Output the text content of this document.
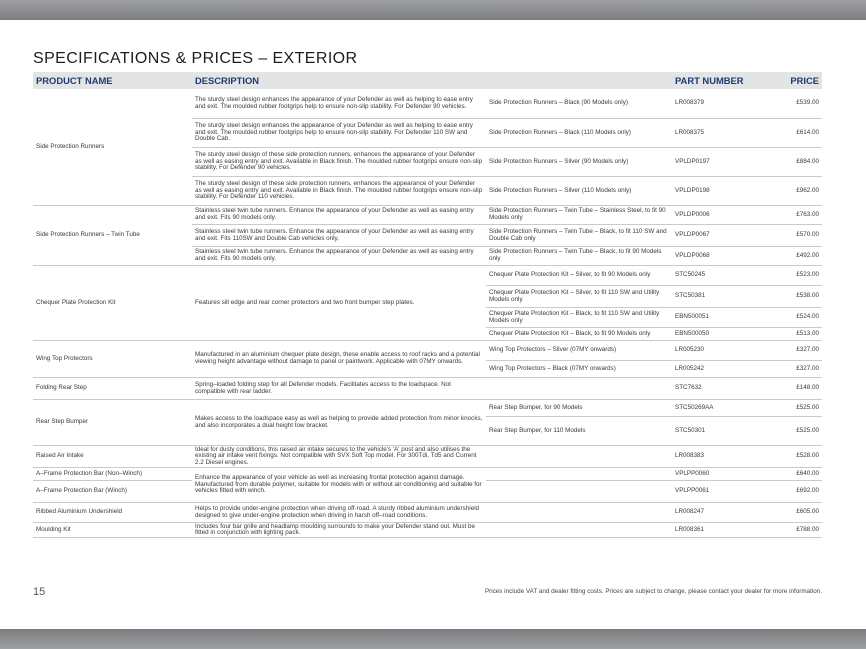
SPECIFICATIONS & PRICES – EXTERIOR
PRODUCT NAME	DESCRIPTION		PART NUMBER	PRICE
Side Protection Runners	The sturdy steel design enhances the appearance of your Defender as well as helping to ease entry and exit. The moulded rubber footgrips help to ensure non-slip stability. For Defender 90 vehicles.	Side Protection Runners – Black (90 Models only)	LR008379	£539.00
	The sturdy steel design enhances the appearance of your Defender as well as helping to ease entry and exit. The moulded rubber footgrips help to ensure non-slip stability. For Defender 110 SW and Double Cab.	Side Protection Runners – Black (110 Models only)	LR008375	£614.00
	The sturdy steel design of these side protection runners, enhances the appearance of your Defender as well as easing entry and exit. Available in Black finish. The moulded rubber footgrips ensure non-slip stability. For Defender 90 vehicles.	Side Protection Runners – Silver (90 Models only)	VPLDP0197	£884.00
	The sturdy steel design of these side protection runners, enhances the appearance of your Defender as well as easing entry and exit. Available in Black finish. The moulded rubber footgrips ensure non-slip stability. For Defender 110 vehicles.	Side Protection Runners – Silver (110 Models only)	VPLDP0198	£962.00
Side Protection Runners – Twin Tube	Stainless steel twin tube runners. Enhance the appearance of your Defender as well as easing entry and exit. Fits 90 models only.	Side Protection Runners – Twin Tube – Stainless Steel, to fit 90 Models only	VPLDP0006	£763.00
	Stainless steel twin tube runners. Enhance the appearance of your Defender as well as easing entry and exit. Fits 110SW and Double Cab vehicles only.	Side Protection Runners – Twin Tube – Black, to fit 110 SW and Double Cab only	VPLDP0067	£570.00
	Stainless steel twin tube runners. Enhance the appearance of your Defender as well as easing entry and exit. Fits 90 models only.	Side Protection Runners – Twin Tube – Black, to fit 90 Models only	VPLDP0068	£492.00
Chequer Plate Protection Kit	Features sill edge and rear corner protectors and two front bumper step plates.	Chequer Plate Protection Kit – Silver, to fit 90 Models only	STC50245	£523.00
		Chequer Plate Protection Kit – Silver, to fit 110 SW and Utility Models only	STC50381	£538.00
		Chequer Plate Protection Kit – Black, to fit 110 SW and Utility Models only	EBN500051	£524.00
		Chequer Plate Protection Kit – Black, to fit 90 Models only	EBN500050	£513.00
Wing Top Protectors	Manufactured in an aluminium chequer plate design, these enable access to roof racks and a potential viewing height advantage without damage to panel or paintwork. Applicable with 07MY onwards.	Wing Top Protectors – Silver (07MY onwards)	LR005230	£327.00
		Wing Top Protectors – Black (07MY onwards)	LR005242	£327.00
Folding Rear Step	Spring–loaded folding step for all Defender models. Facilitates access to the loadspace. Not compatible with rear ladder.		STC7632	£148.00
Rear Step Bumper	Makes access to the loadspace easy as well as helping to provide added protection from minor knocks, and also incorporates a dual height tow bracket.	Rear Step Bumper, for 90 Models	STC50269AA	£525.00
		Rear Step Bumper, for 110 Models	STC50301	£525.00
Raised Air Intake	Ideal for dusty conditions, this raised air intake secures to the vehicle's 'A' post and also utilises the existing air intake vent fixings. Not compatible with SVX Soft Top model. For 300Tdi, Td5 and Current 2.2 Diesel engines.		LR008383	£528.00
A–Frame Protection Bar (Non–Winch)	Enhance the appearance of your vehicle as well as increasing frontal protection against damage. Manufactured from durable polymer, suitable for models with or without air conditioning and suitable for vehicles fitted with winch.		VPLPP0060	£640.00
A–Frame Protection Bar (Winch)			VPLPP0061	£692.00
Ribbed Aluminium Undershield	Helps to provide under-engine protection when driving off-road. A sturdy ribbed aluminium undershield designed to give under-engine protection when driving in harsh off–road conditions.		LR008247	£605.00
Moulding Kit	Includes four bar grille and headlamp moulding surrounds to make your Defender stand out. Must be fitted in conjunction with lighting pack.		LR008361	£788.00
15	Prices include VAT and dealer fitting costs. Prices are subject to change, please contact your dealer for more information.
